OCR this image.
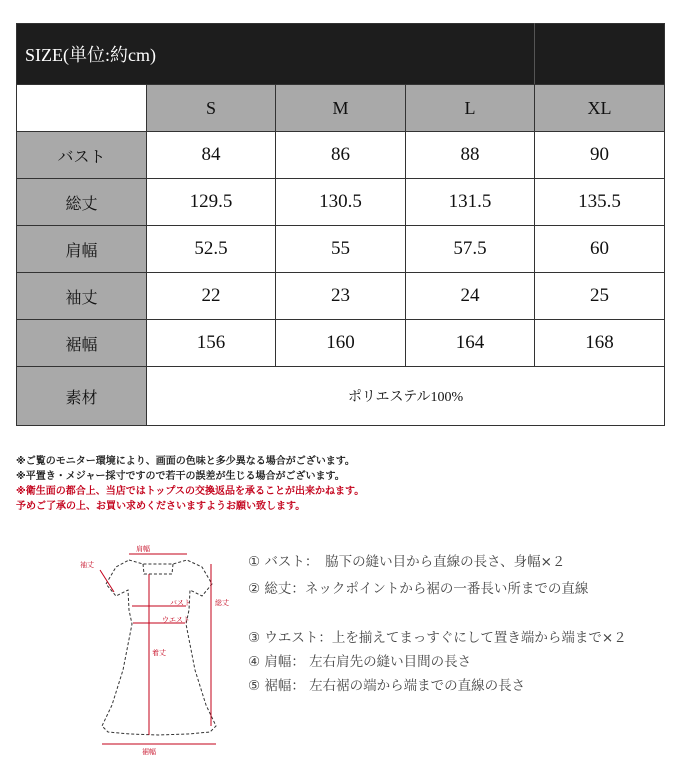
SIZE(単位:約cm)				
	S	M	L	XL
バスト	84	86	88	90
総丈	129.5	130.5	131.5	135.5
肩幅	52.5	55	57.5	60
袖丈	22	23	24	25
裾幅	156	160	164	168
素材	ポリエステル100%			
※ご覧のモニター環境により、画面の色味と多少異なる場合がございます。
※平置き・メジャー採寸ですので若干の誤差が生じる場合がございます。
※衛生面の都合上、当店ではトップスの交換返品を承ることが出来かねます。
予めご了承の上、お買い求めくださいますようお願い致します。
肩幅
袖丈
バスト
ウエスト
総丈
着丈
裾幅
① バスト：　脇下の縫い目から直線の長さ、身幅×２
② 総丈：ネックポイントから裾の一番長い所までの直線
③ ウエスト：上を揃えてまっすぐにして置き端から端まで×２
④ 肩幅： 左右肩先の縫い目間の長さ
⑤ 裾幅： 左右裾の端から端までの直線の長さ
